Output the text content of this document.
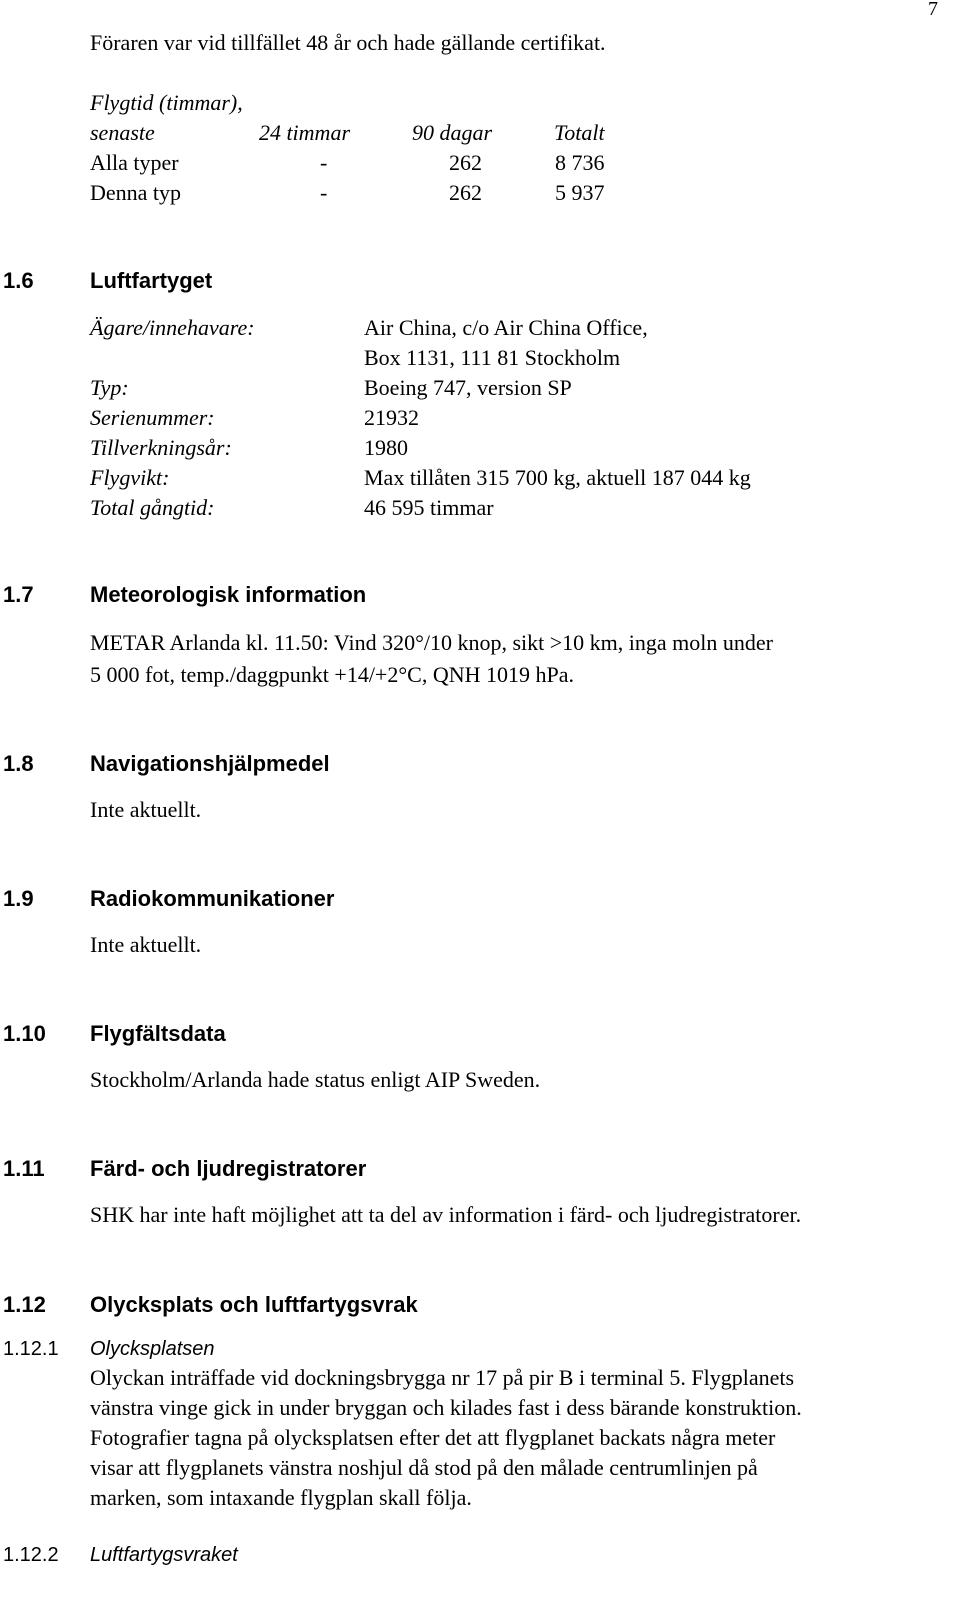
7
Föraren var vid tillfället 48 år och hade gällande certifikat.
Flygtid (timmar),
senaste	24 timmar	90 dagar	Totalt
Alla typer	-	262	8 736
Denna typ	-	262	5 937
1.6	Luftfartyget
Ägare/innehavare:	Air China, c/o Air China Office,
Box 1131, 111 81 Stockholm
Typ:	Boeing 747, version SP
Serienummer:	21932
Tillverkningsår:	1980
Flygvikt:	Max tillåten 315 700 kg, aktuell 187 044 kg
Total gångtid:	46 595 timmar
1.7	Meteorologisk information
METAR Arlanda kl. 11.50: Vind 320°/10 knop, sikt >10 km, inga moln under
5 000 fot, temp./daggpunkt +14/+2°C, QNH 1019 hPa.
1.8	Navigationshjälpmedel
Inte aktuellt.
1.9	Radiokommunikationer
Inte aktuellt.
1.10 Flygfältsdata
Stockholm/Arlanda hade status enligt AIP Sweden.
1.11 Färd- och ljudregistratorer
SHK har inte haft möjlighet att ta del av information i färd- och ljudregistratorer.
1.12 Olycksplats och luftfartygsvrak
1.12.1 Olycksplatsen
Olyckan inträffade vid dockningsbrygga nr 17 på pir B i terminal 5. Flygplanets
vänstra vinge gick in under bryggan och kilades fast i dess bärande konstruktion.
Fotografier tagna på olycksplatsen efter det att flygplanet backats några meter
visar att flygplanets vänstra noshjul då stod på den målade centrumlinjen på
marken, som intaxande flygplan skall följa.
1.12.2 Luftfartygsvraket
